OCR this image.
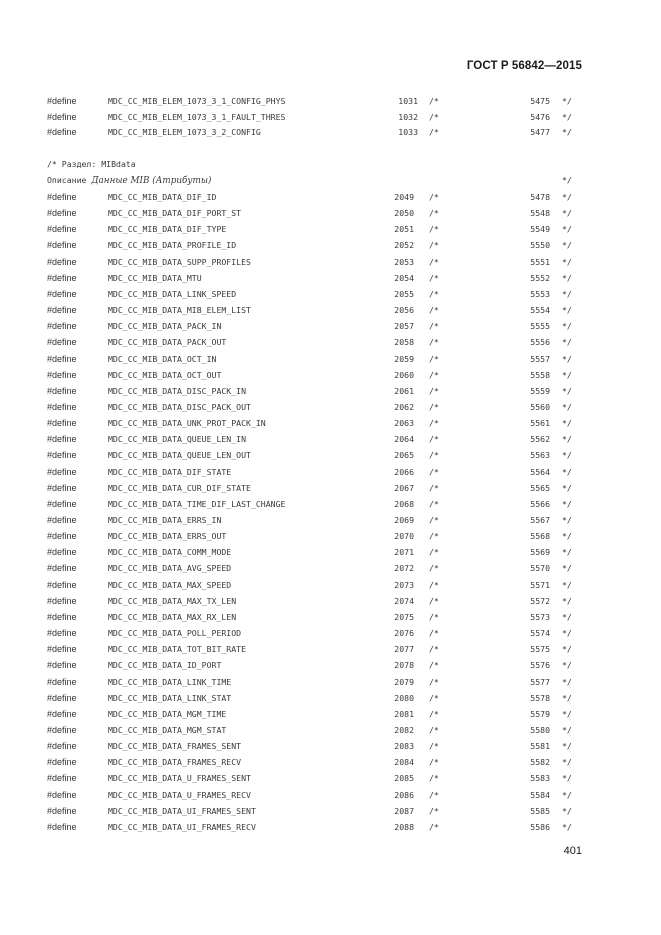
ГОСТ Р 56842—2015
/* Раздел: MIBdata
Описание Данные MIB (Атрибуты)	*/
#define	MDC_CC_MIB_ELEM_1073_3_1_CONFIG_PHYS	1031 /*	5475 */
#define	MDC_CC_MIB_ELEM_1073_3_1_FAULT_THRES	1032 /*	5476 */
#define	MDC_CC_MIB_ELEM_1073_3_2_CONFIG	1033 /*	5477 */
#define	MDC_CC_MIB_DATA_DIF_ID	2049 /*	5478 */
#define	MDC_CC_MIB_DATA_DIF_PORT_ST	2050 /*	5548 */
#define	MDC_CC_MIB_DATA_DIF_TYPE	2051 /*	5549 */
#define	MDC_CC_MIB_DATA_PROFILE_ID	2052 /*	5550 */
#define	MDC_CC_MIB_DATA_SUPP_PROFILES	2053 /*	5551 */
#define	MDC_CC_MIB_DATA_MTU	2054 /*	5552 */
#define	MDC_CC_MIB_DATA_LINK_SPEED	2055 /*	5553 */
#define	MDC_CC_MIB_DATA_MIB_ELEM_LIST	2056 /*	5554 */
#define	MDC_CC_MIB_DATA_PACK_IN	2057 /*	5555 */
#define	MDC_CC_MIB_DATA_PACK_OUT	2058 /*	5556 */
#define	MDC_CC_MIB_DATA_OCT_IN	2059 /*	5557 */
#define	MDC_CC_MIB_DATA_OCT_OUT	2060 /*	5558 */
#define	MDC_CC_MIB_DATA_DISC_PACK_IN	2061 /*	5559 */
#define	MDC_CC_MIB_DATA_DISC_PACK_OUT	2062 /*	5560 */
#define	MDC_CC_MIB_DATA_UNK_PROT_PACK_IN	2063 /*	5561 */
#define	MDC_CC_MIB_DATA_QUEUE_LEN_IN	2064 /*	5562 */
#define	MDC_CC_MIB_DATA_QUEUE_LEN_OUT	2065 /*	5563 */
#define	MDC_CC_MIB_DATA_DIF_STATE	2066 /*	5564 */
#define	MDC_CC_MIB_DATA_CUR_DIF_STATE	2067 /*	5565 */
#define	MDC_CC_MIB_DATA_TIME_DIF_LAST_CHANGE	2068 /*	5566 */
#define	MDC_CC_MIB_DATA_ERRS_IN	2069 /*	5567 */
#define	MDC_CC_MIB_DATA_ERRS_OUT	2070 /*	5568 */
#define	MDC_CC_MIB_DATA_COMM_MODE	2071 /*	5569 */
#define	MDC_CC_MIB_DATA_AVG_SPEED	2072 /*	5570 */
#define	MDC_CC_MIB_DATA_MAX_SPEED	2073 /*	5571 */
#define	MDC_CC_MIB_DATA_MAX_TX_LEN	2074 /*	5572 */
#define	MDC_CC_MIB_DATA_MAX_RX_LEN	2075 /*	5573 */
#define	MDC_CC_MIB_DATA_POLL_PERIOD	2076 /*	5574 */
#define	MDC_CC_MIB_DATA_TOT_BIT_RATE	2077 /*	5575 */
#define	MDC_CC_MIB_DATA_ID_PORT	2078 /*	5576 */
#define	MDC_CC_MIB_DATA_LINK_TIME	2079 /*	5577 */
#define	MDC_CC_MIB_DATA_LINK_STAT	2080 /*	5578 */
#define	MDC_CC_MIB_DATA_MGM_TIME	2081 /*	5579 */
#define	MDC_CC_MIB_DATA_MGM_STAT	2082 /*	5580 */
#define	MDC_CC_MIB_DATA_FRAMES_SENT	2083 /*	5581 */
#define	MDC_CC_MIB_DATA_FRAMES_RECV	2084 /*	5582 */
#define	MDC_CC_MIB_DATA_U_FRAMES_SENT	2085 /*	5583 */
#define	MDC_CC_MIB_DATA_U_FRAMES_RECV	2086 /*	5584 */
#define	MDC_CC_MIB_DATA_UI_FRAMES_SENT	2087 /*	5585 */
#define	MDC_CC_MIB_DATA_UI_FRAMES_RECV	2088 /*	5586 */
401
